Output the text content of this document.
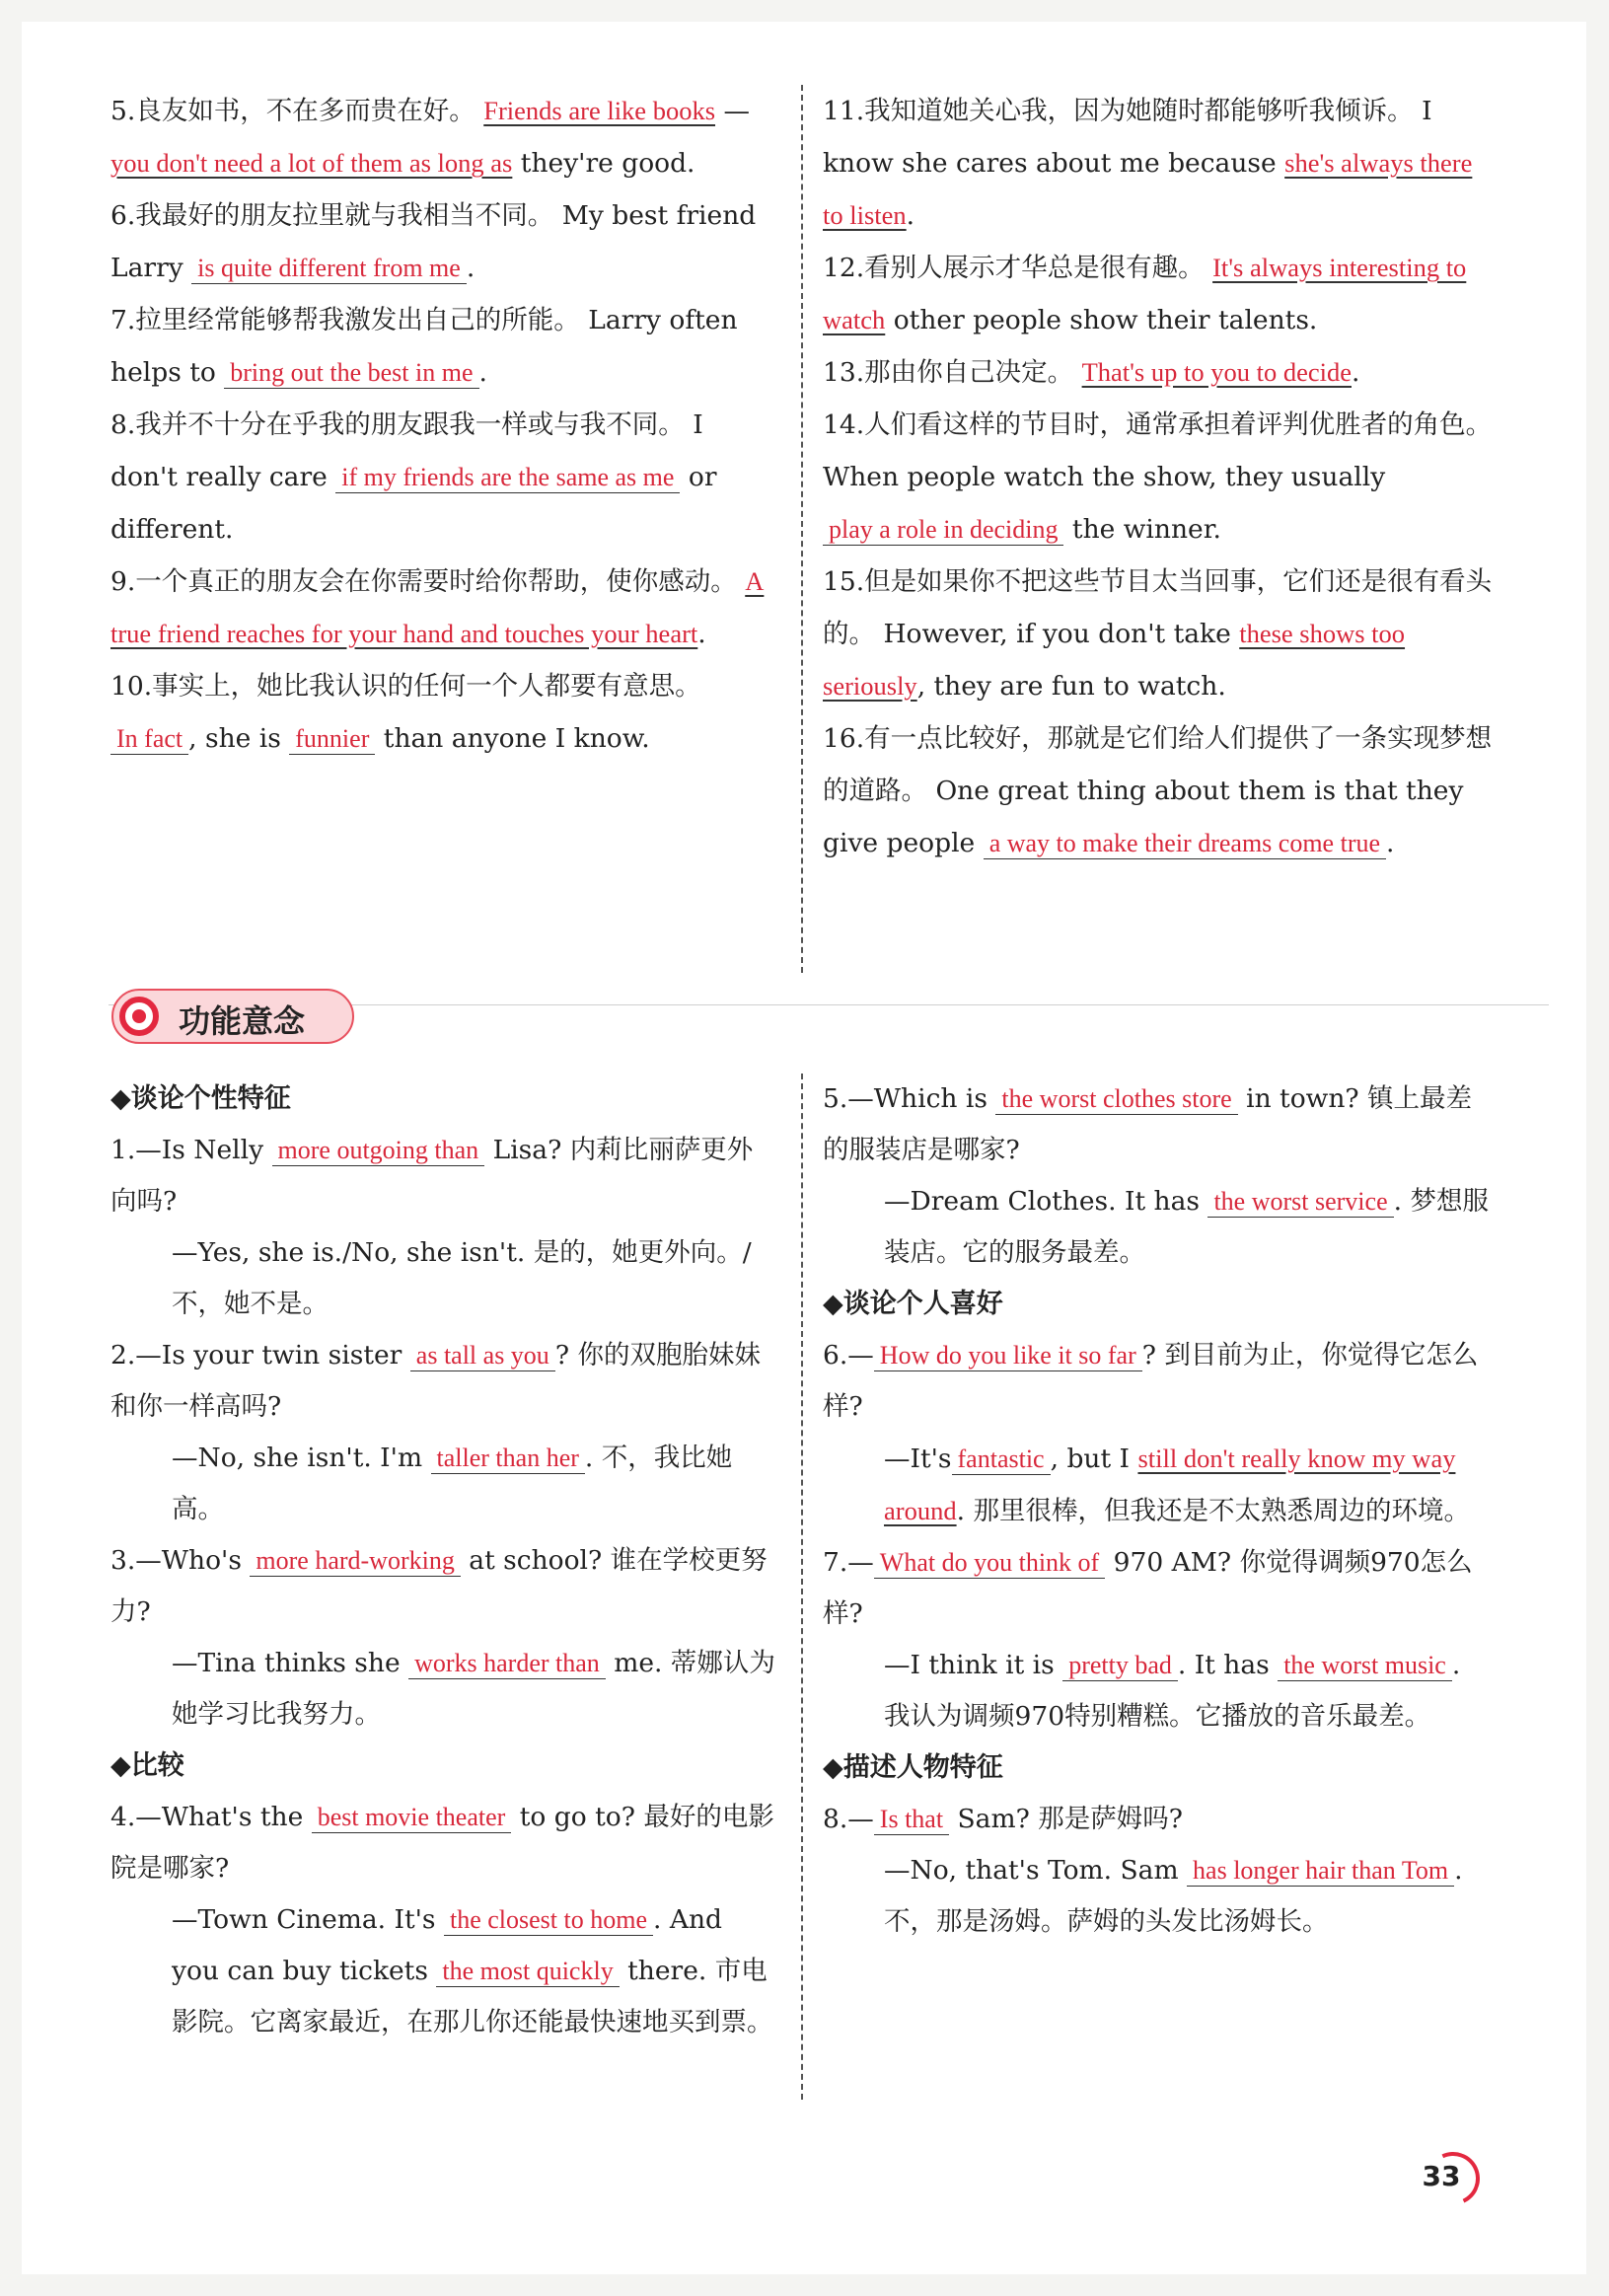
5.良友如书，不在多而贵在好。 Friends are like books — you don't need a lot of them as long as they're good.
6.我最好的朋友拉里就与我相当不同。 My best friend Larry is quite different from me .
7.拉里经常能够帮我激发出自己的所能。 Larry often helps to bring out the best in me .
8.我并不十分在乎我的朋友跟我一样或与我不同。 I don't really care if my friends are the same as me or different.
9.一个真正的朋友会在你需要时给你帮助，使你感动。 A true friend reaches for your hand and touches your heart.
10.事实上，她比我认识的任何一个人都要有意思。
In fact , she is funnier than anyone I know.
11.我知道她关心我，因为她随时都能够听我倾诉。 I know she cares about me because she's always there to listen.
12.看别人展示才华总是很有趣。 It's always interesting to watch other people show their talents.
13.那由你自己决定。 That's up to you to decide.
14.人们看这样的节目时，通常承担着评判优胜者的角色。 When people watch the show, they usually play a role in deciding the winner.
15.但是如果你不把这些节目太当回事，它们还是很有看头的。 However, if you don't take these shows too seriously, they are fun to watch.
16.有一点比较好，那就是它们给人们提供了一条实现梦想的道路。 One great thing about them is that they give people a way to make their dreams come true .
功能意念
◆谈论个性特征
1.—Is Nelly more outgoing than Lisa? 内莉比丽萨更外向吗?
—Yes, she is./No, she isn't. 是的，她更外向。/不，她不是。
2.—Is your twin sister as tall as you ? 你的双胞胎妹妹和你一样高吗?
—No, she isn't. I'm taller than her . 不，我比她高。
3.—Who's more hard-working at school? 谁在学校更努力?
—Tina thinks she works harder than me. 蒂娜认为她学习比我努力。
◆比较
4.—What's the best movie theater to go to? 最好的电影院是哪家?
—Town Cinema. It's the closest to home . And you can buy tickets the most quickly there. 市电影院。它离家最近，在那儿你还能最快速地买到票。
5.—Which is the worst clothes store in town? 镇上最差的服装店是哪家?
—Dream Clothes. It has the worst service . 梦想服装店。它的服务最差。
◆谈论个人喜好
6.— How do you like it so far ? 到目前为止，你觉得它怎么样?
—It's fantastic , but I still don't really know my way around. 那里很棒，但我还是不太熟悉周边的环境。
7.— What do you think of 970 AM? 你觉得调频970怎么样?
—I think it is pretty bad . It has the worst music . 我认为调频970特别糟糕。它播放的音乐最差。
◆描述人物特征
8.— Is that Sam? 那是萨姆吗?
—No, that's Tom. Sam has longer hair than Tom . 不，那是汤姆。萨姆的头发比汤姆长。
33
